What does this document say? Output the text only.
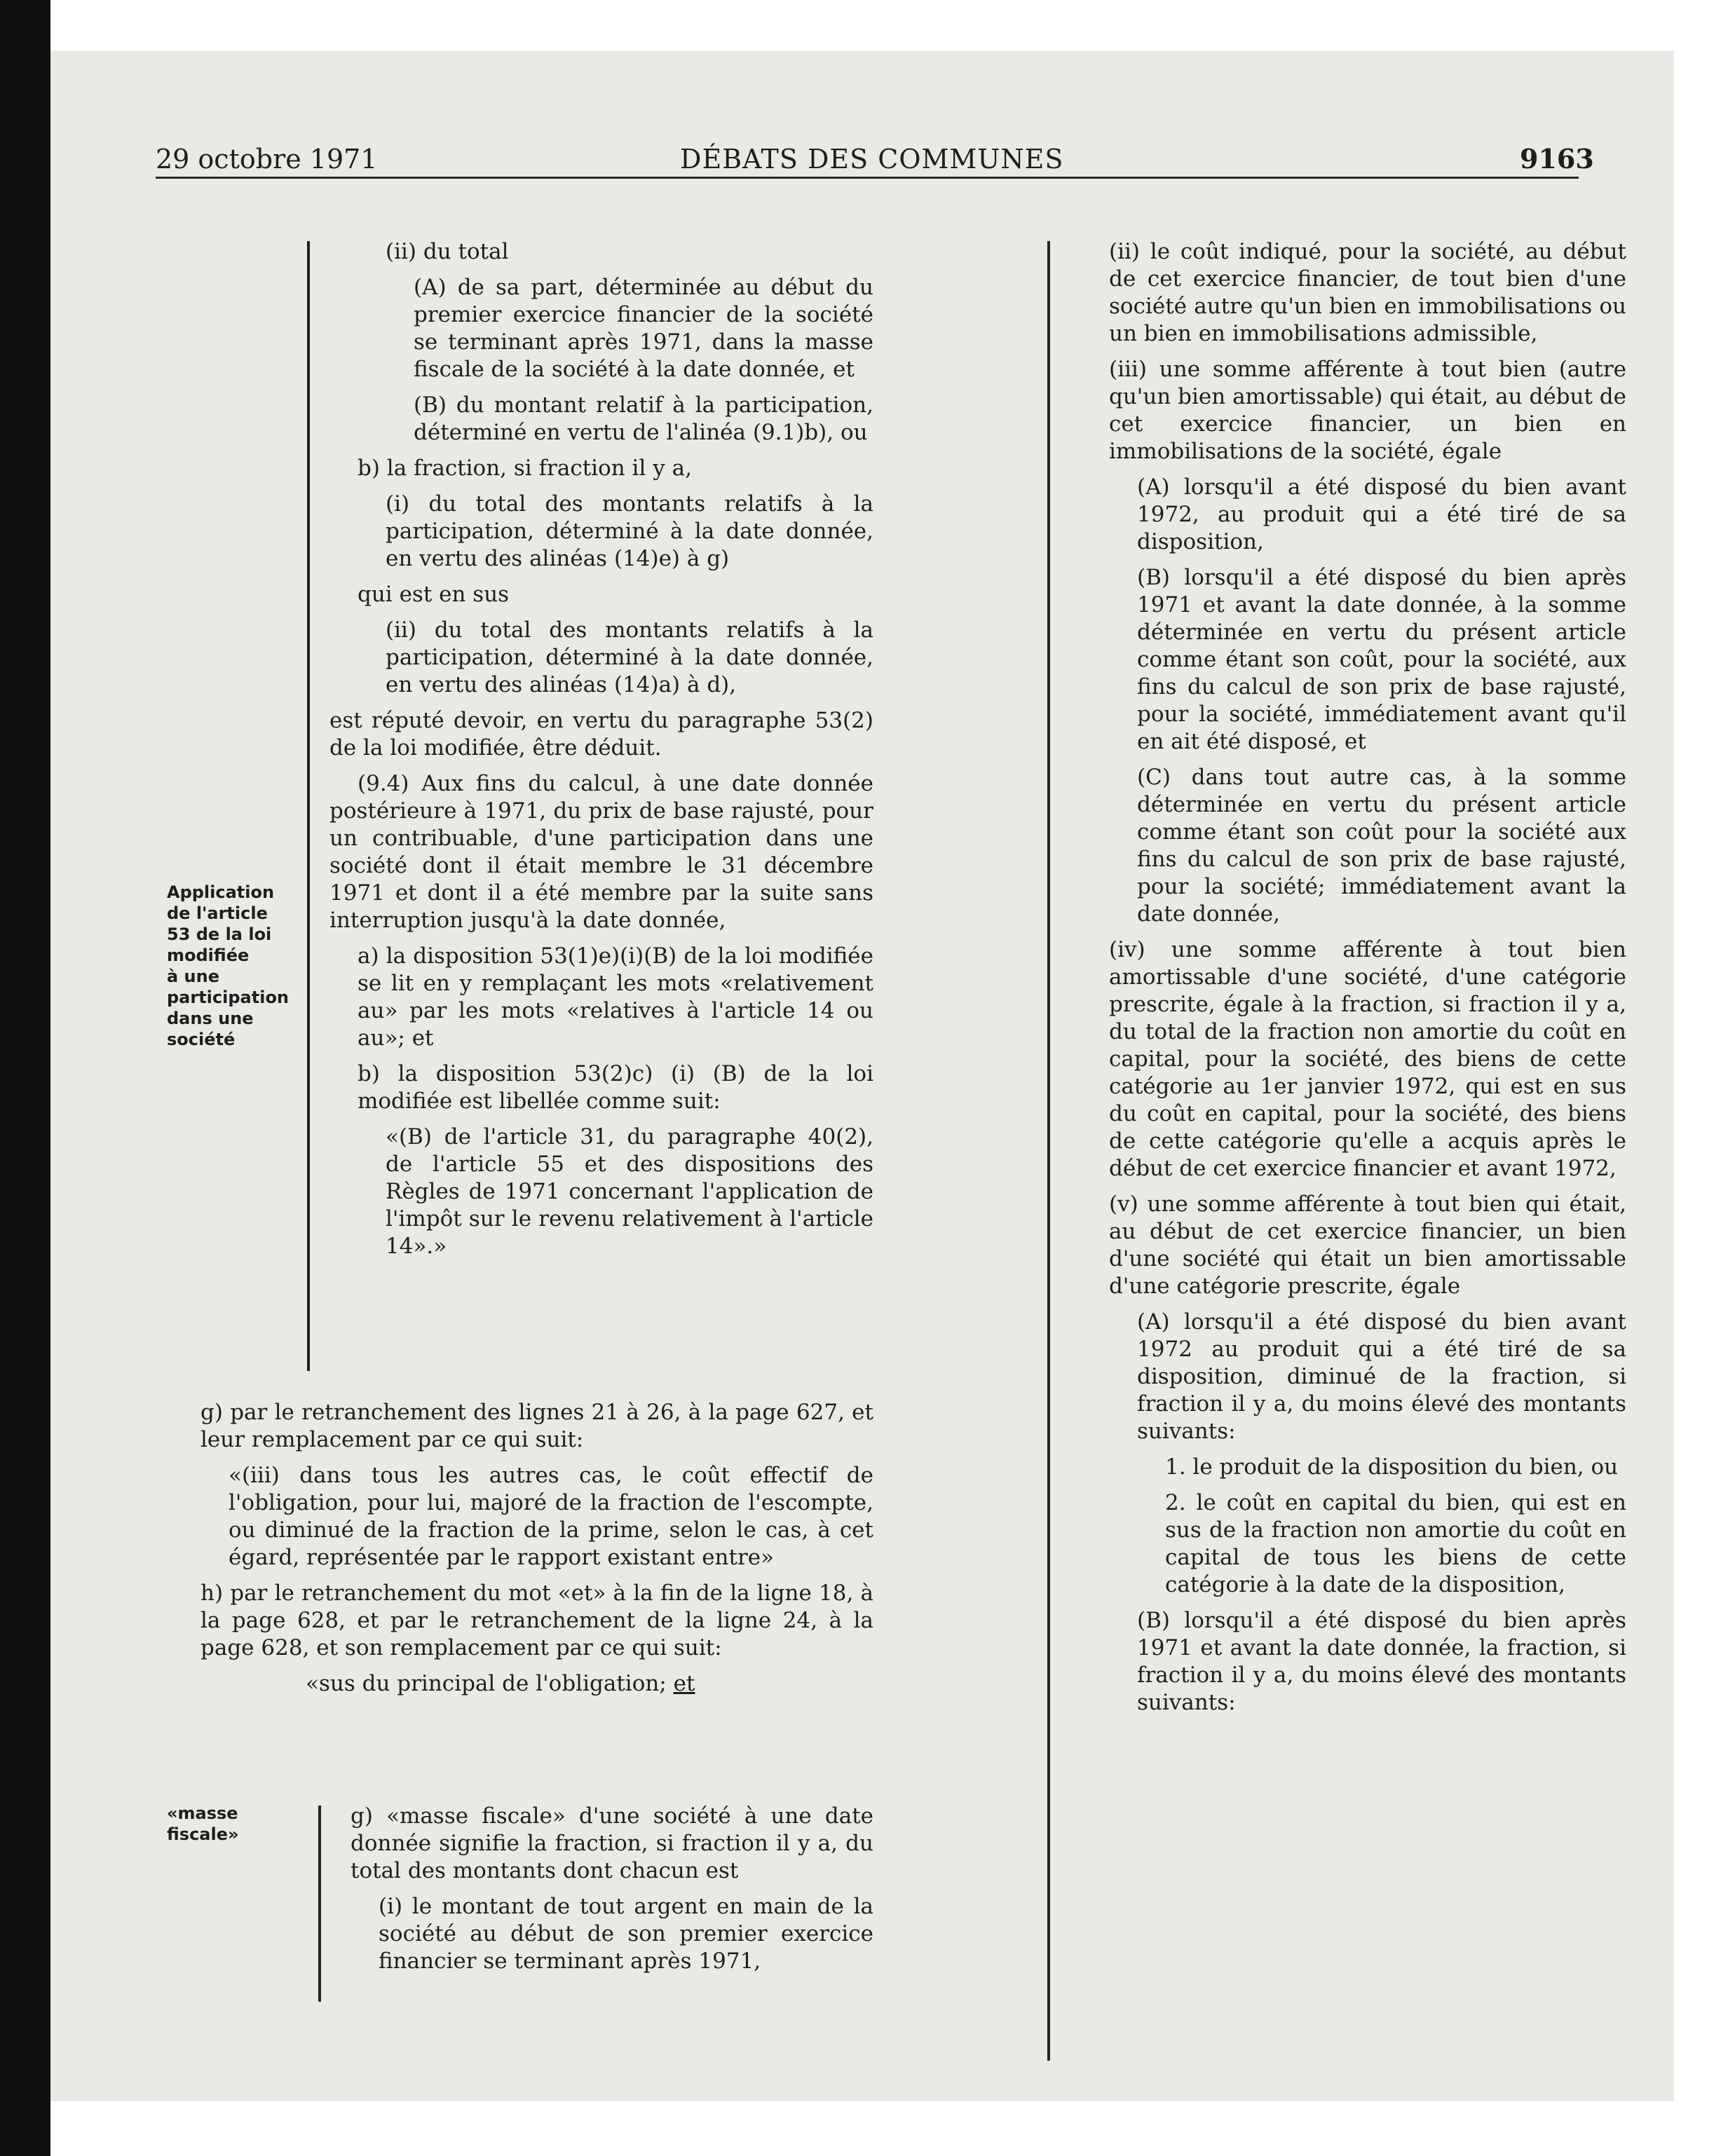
29 octobre 1971	DÉBATS DES COMMUNES	9163
Application
de l'article
53 de la loi
modifiée
à une
participation
dans une
société
«masse
fiscale»

(ii) du total

(A) de sa part, déterminée au début du premier exercice financier de la société se terminant après 1971, dans la masse fiscale de la société à la date donnée, et

(B) du montant relatif à la participation, déterminé en vertu de l'alinéa (9.1)b), ou

b) la fraction, si fraction il y a,

(i) du total des montants relatifs à la participation, déterminé à la date donnée, en vertu des alinéas (14)e) à g)

qui est en sus

(ii) du total des montants relatifs à la participation, déterminé à la date donnée, en vertu des alinéas (14)a) à d),

est réputé devoir, en vertu du paragraphe 53(2) de la loi modifiée, être déduit.

(9.4) Aux fins du calcul, à une date donnée postérieure à 1971, du prix de base rajusté, pour un contribuable, d'une participation dans une société dont il était membre le 31 décembre 1971 et dont il a été membre par la suite sans interruption jusqu'à la date donnée,

a) la disposition 53(1)e)(i)(B) de la loi modifiée se lit en y remplaçant les mots «relativement au» par les mots «relatives à l'article 14 ou au»; et

b) la disposition 53(2)c) (i) (B) de la loi modifiée est libellée comme suit:

«(B) de l'article 31, du paragraphe 40(2), de l'article 55 et des dispositions des Règles de 1971 concernant l'application de l'impôt sur le revenu relativement à l'article 14».»

g) par le retranchement des lignes 21 à 26, à la page 627, et leur remplacement par ce qui suit:

«(iii) dans tous les autres cas, le coût effectif de l'obligation, pour lui, majoré de la fraction de l'escompte, ou diminué de la fraction de la prime, selon le cas, à cet égard, représentée par le rapport existant entre»

h) par le retranchement du mot «et» à la fin de la ligne 18, à la page 628, et par le retranchement de la ligne 24, à la page 628, et son remplacement par ce qui suit:

«sus du principal de l'obligation; et

g) «masse fiscale» d'une société à une date donnée signifie la fraction, si fraction il y a, du total des montants dont chacun est

(i) le montant de tout argent en main de la société au début de son premier exercice financier se terminant après 1971,

(ii) le coût indiqué, pour la société, au début de cet exercice financier, de tout bien d'une société autre qu'un bien en immobilisations ou un bien en immobilisations admissible,

(iii) une somme afférente à tout bien (autre qu'un bien amortissable) qui était, au début de cet exercice financier, un bien en immobilisations de la société, égale

(A) lorsqu'il a été disposé du bien avant 1972, au produit qui a été tiré de sa disposition,

(B) lorsqu'il a été disposé du bien après 1971 et avant la date donnée, à la somme déterminée en vertu du présent article comme étant son coût, pour la société, aux fins du calcul de son prix de base rajusté, pour la société, immédiatement avant qu'il en ait été disposé, et

(C) dans tout autre cas, à la somme déterminée en vertu du présent article comme étant son coût pour la société aux fins du calcul de son prix de base rajusté, pour la société; immédiatement avant la date donnée,

(iv) une somme afférente à tout bien amortissable d'une société, d'une catégorie prescrite, égale à la fraction, si fraction il y a, du total de la fraction non amortie du coût en capital, pour la société, des biens de cette catégorie au 1er janvier 1972, qui est en sus du coût en capital, pour la société, des biens de cette catégorie qu'elle a acquis après le début de cet exercice financier et avant 1972,

(v) une somme afférente à tout bien qui était, au début de cet exercice financier, un bien d'une société qui était un bien amortissable d'une catégorie prescrite, égale

(A) lorsqu'il a été disposé du bien avant 1972 au produit qui a été tiré de sa disposition, diminué de la fraction, si fraction il y a, du moins élevé des montants suivants:

1. le produit de la disposition du bien, ou

2. le coût en capital du bien, qui est en sus de la fraction non amortie du coût en capital de tous les biens de cette catégorie à la date de la disposition,

(B) lorsqu'il a été disposé du bien après 1971 et avant la date donnée, la fraction, si fraction il y a, du moins élevé des montants suivants:
